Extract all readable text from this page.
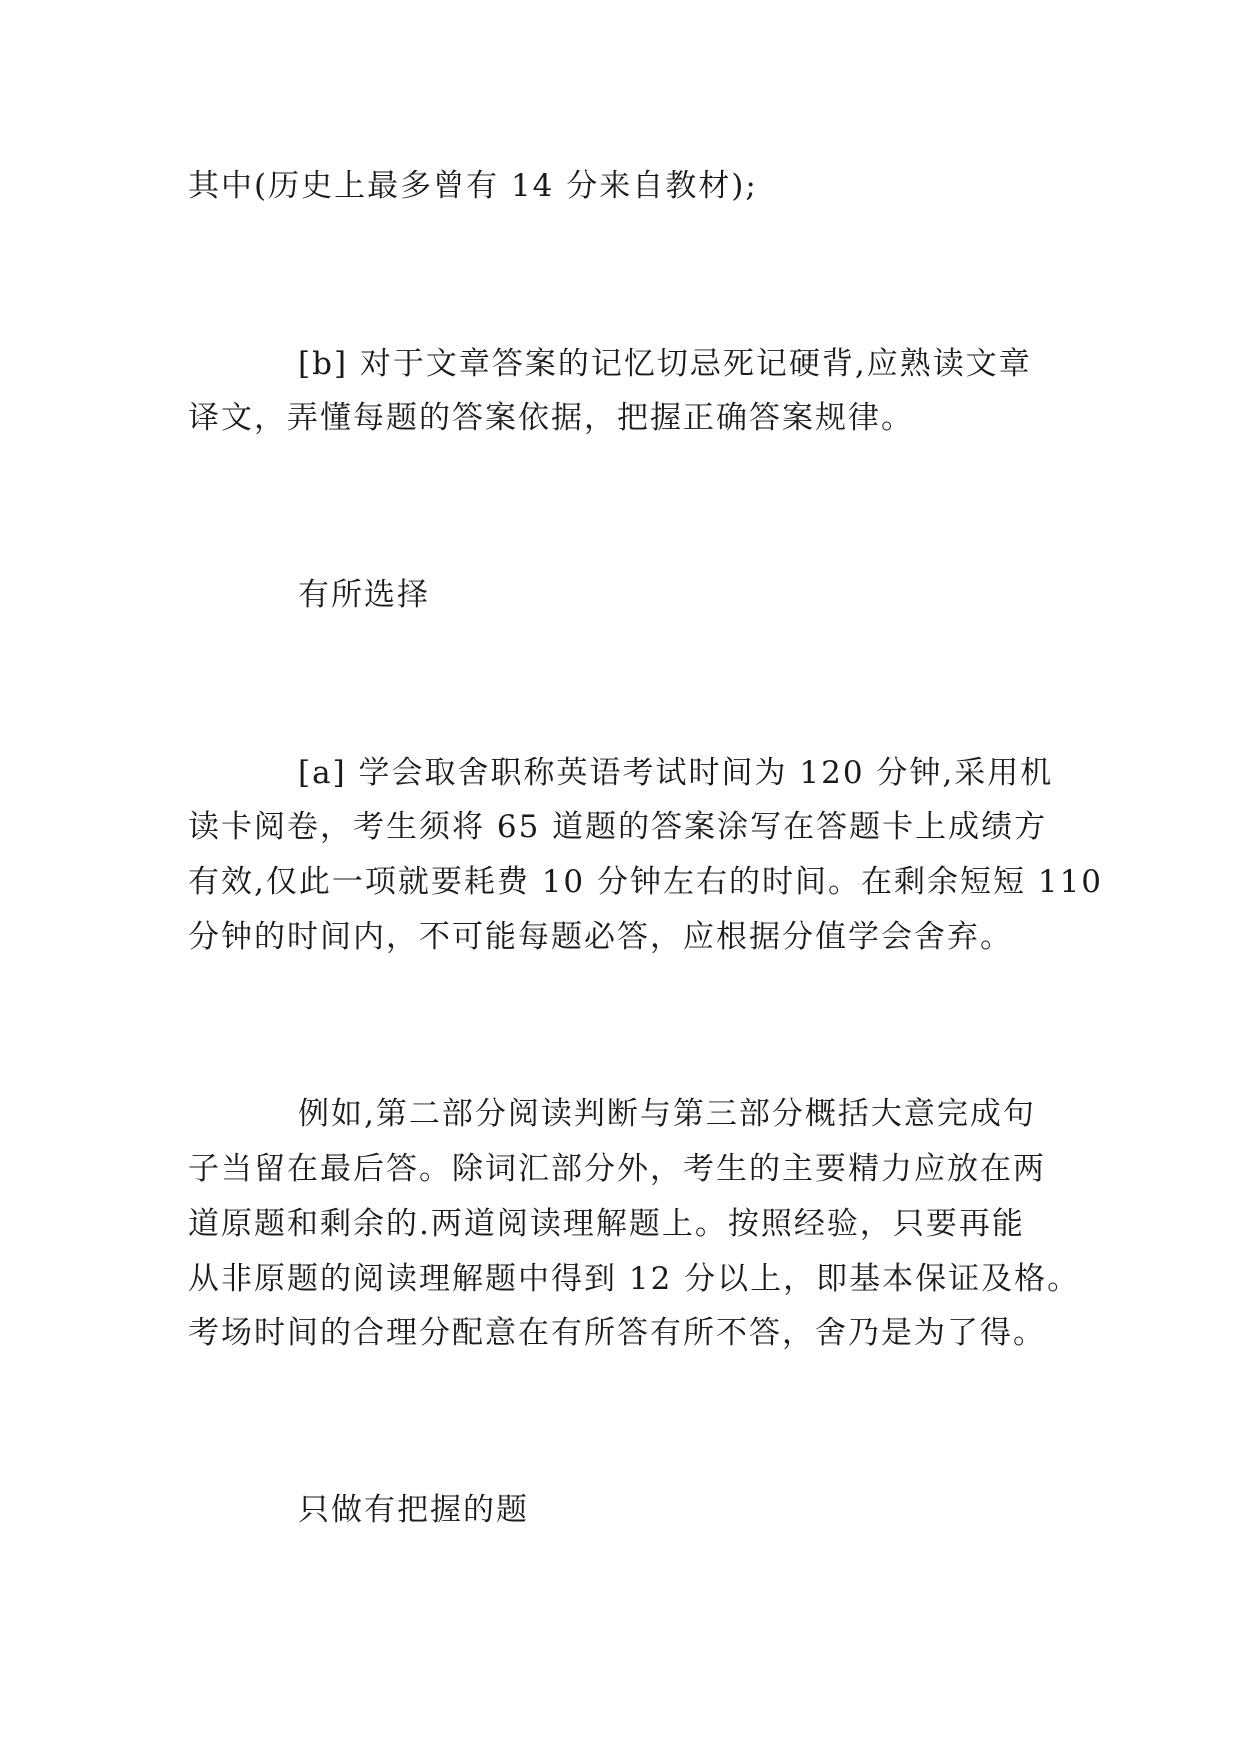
其中(历史上最多曾有 14 分来自教材);
[b] 对于文章答案的记忆切忌死记硬背,应熟读文章
译文，弄懂每题的答案依据，把握正确答案规律。
有所选择
[a] 学会取舍职称英语考试时间为 120 分钟,采用机
读卡阅卷，考生须将 65 道题的答案涂写在答题卡上成绩方
有效,仅此一项就要耗费 10 分钟左右的时间。在剩余短短 110
分钟的时间内，不可能每题必答，应根据分值学会舍弃。
例如,第二部分阅读判断与第三部分概括大意完成句
子当留在最后答。除词汇部分外，考生的主要精力应放在两
道原题和剩余的.两道阅读理解题上。按照经验，只要再能
从非原题的阅读理解题中得到 12 分以上，即基本保证及格。
考场时间的合理分配意在有所答有所不答，舍乃是为了得。
只做有把握的题
